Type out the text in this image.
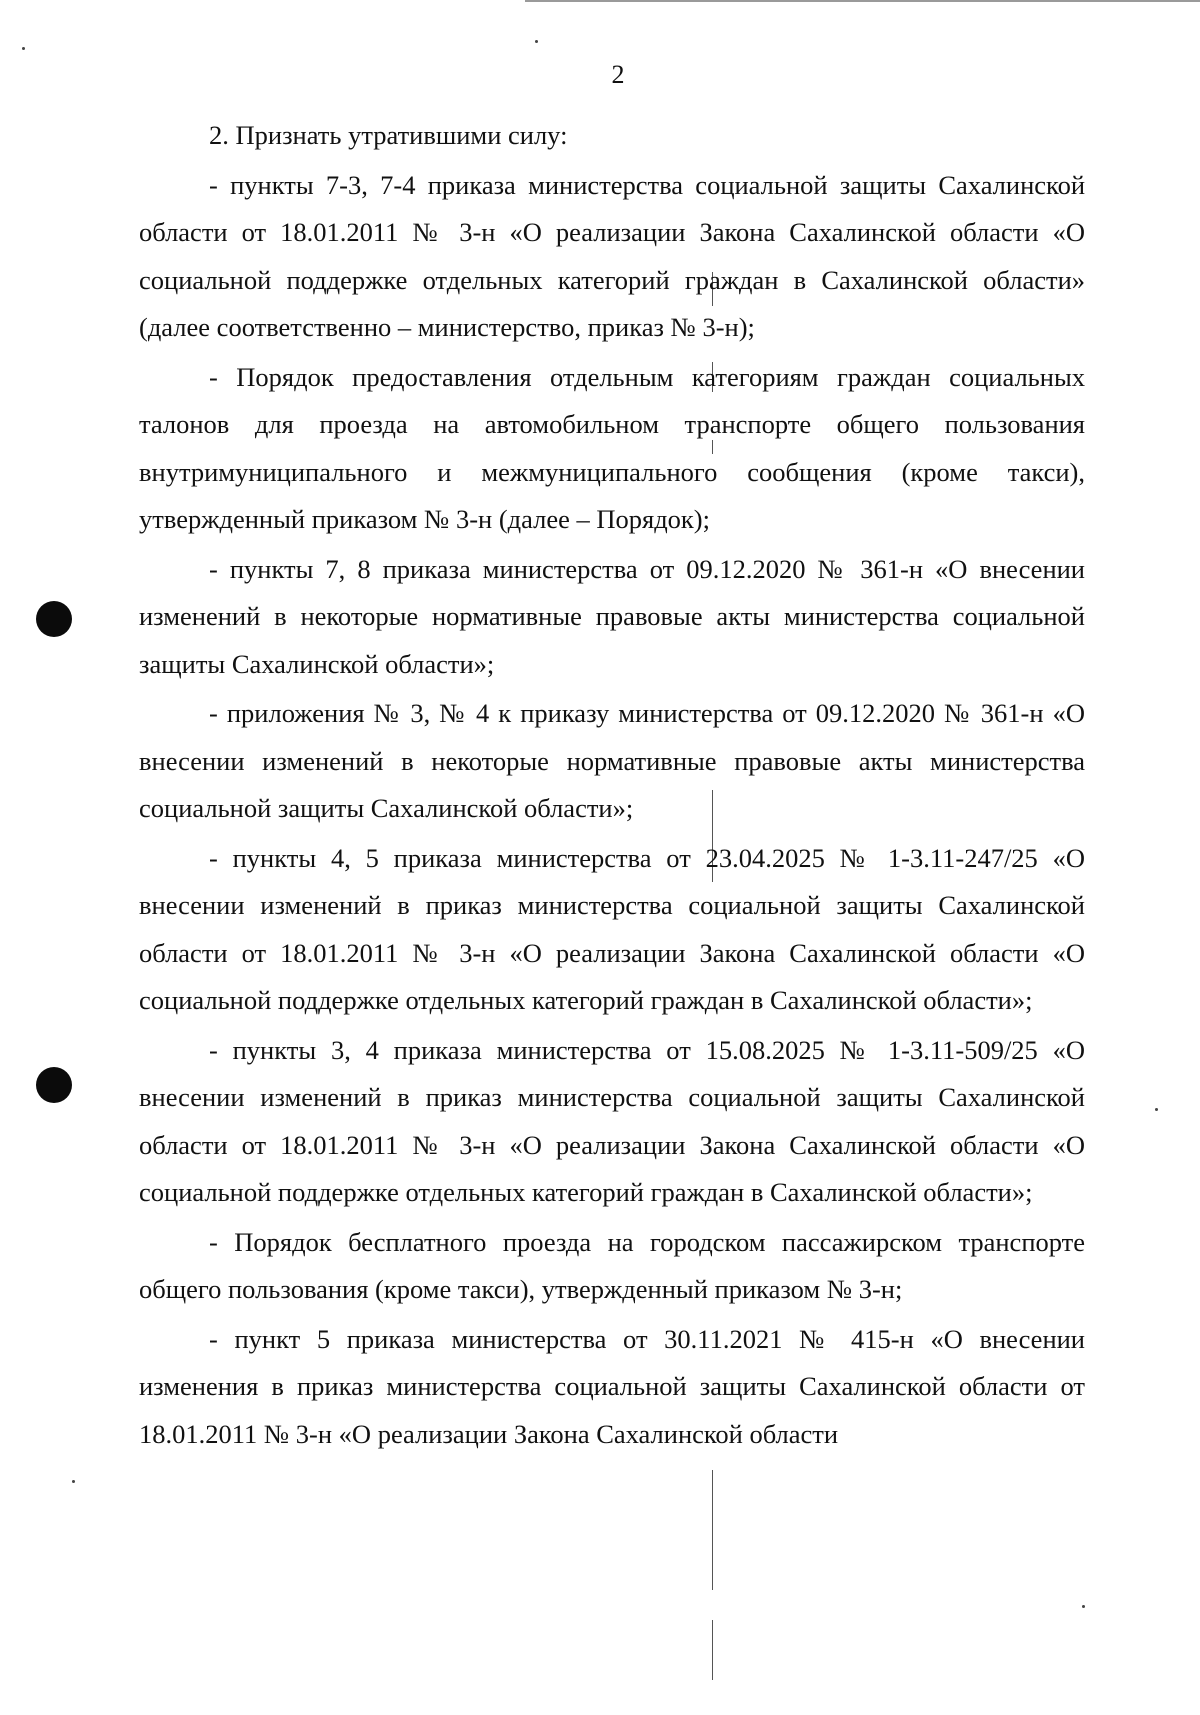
2

2. Признать утратившими силу:

- пункты 7-3, 7-4 приказа министерства социальной защиты Сахалинской области от 18.01.2011 № 3-н «О реализации Закона Сахалинской области «О социальной поддержке отдельных категорий граждан в Сахалинской области» (далее соответственно – министерство, приказ № 3-н);

- Порядок предоставления отдельным категориям граждан социальных талонов для проезда на автомобильном транспорте общего пользования внутримуниципального и межмуниципального сообщения (кроме такси), утвержденный приказом № 3-н (далее – Порядок);

- пункты 7, 8 приказа министерства от 09.12.2020 № 361-н «О внесении изменений в некоторые нормативные правовые акты министерства социальной защиты Сахалинской области»;

- приложения № 3, № 4 к приказу министерства от 09.12.2020 № 361-н «О внесении изменений в некоторые нормативные правовые акты министерства социальной защиты Сахалинской области»;

- пункты 4, 5 приказа министерства от 23.04.2025 № 1-3.11-247/25 «О внесении изменений в приказ министерства социальной защиты Сахалинской области от 18.01.2011 № 3-н «О реализации Закона Сахалинской области «О социальной поддержке отдельных категорий граждан в Сахалинской области»;

- пункты 3, 4 приказа министерства от 15.08.2025 № 1-3.11-509/25 «О внесении изменений в приказ министерства социальной защиты Сахалинской области от 18.01.2011 № 3-н «О реализации Закона Сахалинской области «О социальной поддержке отдельных категорий граждан в Сахалинской области»;

- Порядок бесплатного проезда на городском пассажирском транспорте общего пользования (кроме такси), утвержденный приказом № 3-н;

- пункт 5 приказа министерства от 30.11.2021 № 415-н «О внесении изменения в приказ министерства социальной защиты Сахалинской области от 18.01.2011 № 3-н «О реализации Закона Сахалинской области
